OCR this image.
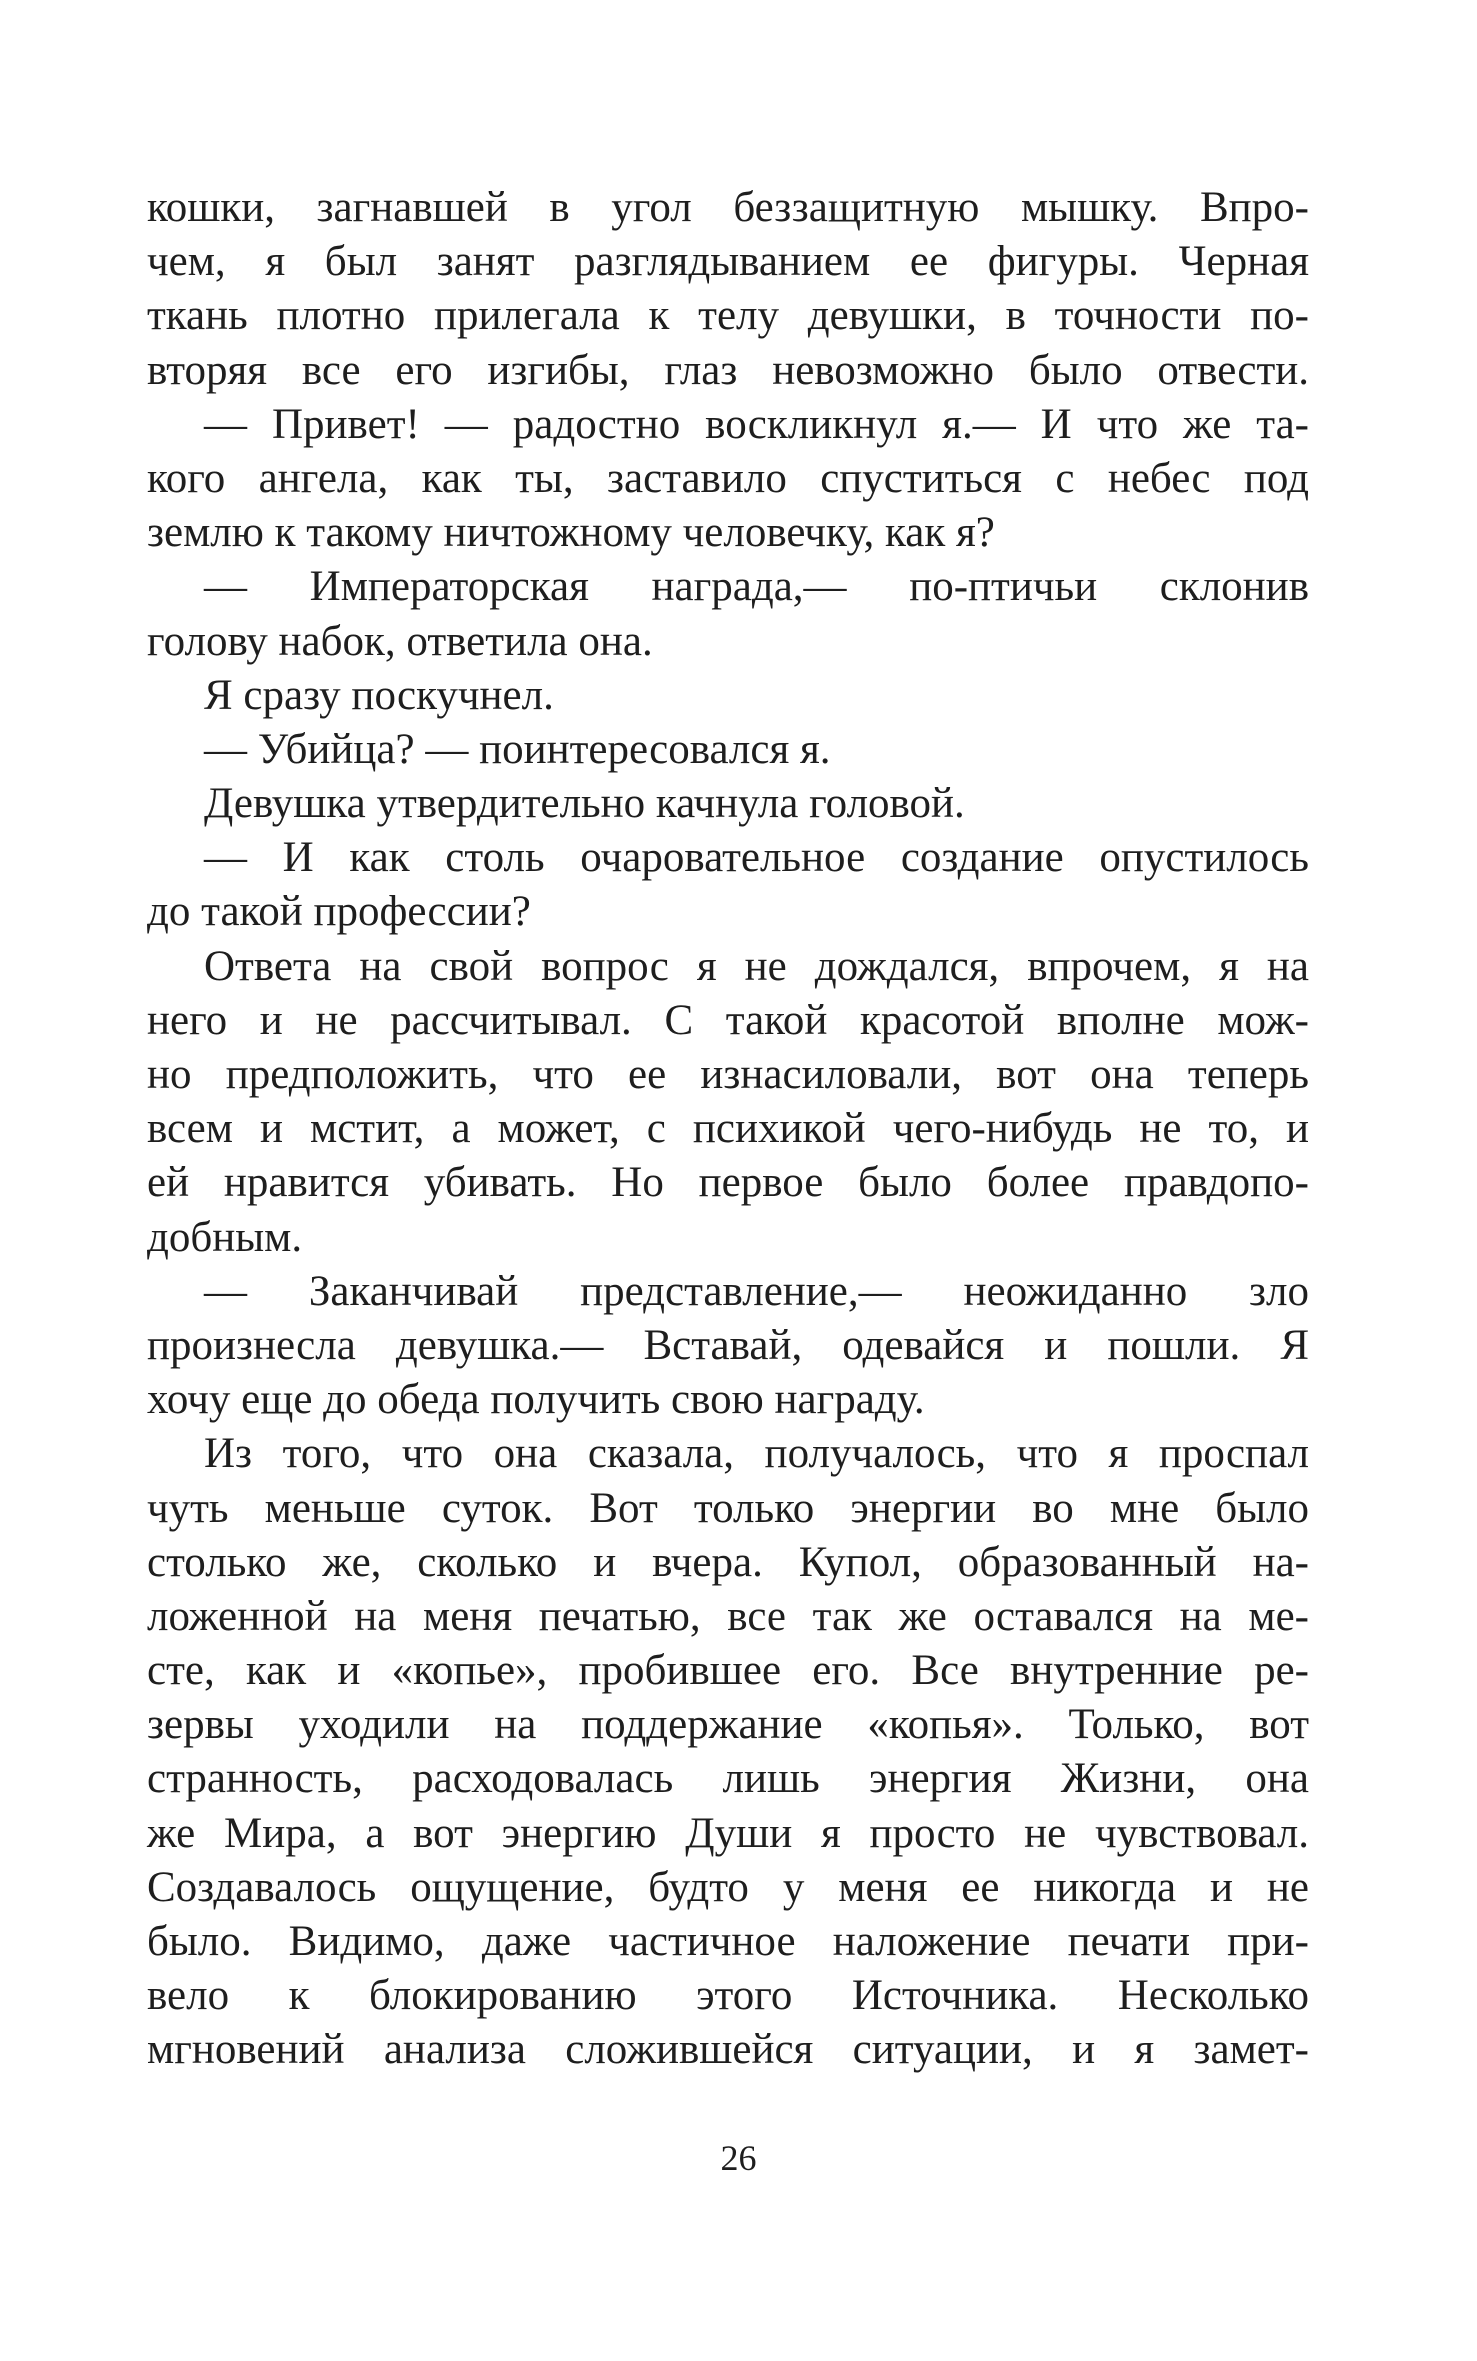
кошки, загнавшей в угол беззащитную мышку. Впро-
чем, я был занят разглядыванием ее фигуры. Черная
ткань плотно прилегала к телу девушки, в точности по-
вторяя все его изгибы, глаз невозможно было отвести.
— Привет! — радостно воскликнул я.— И что же та-
кого ангела, как ты, заставило спуститься с небес под
землю к такому ничтожному человечку, как я?
— Императорская награда,— по-птичьи склонив
голову набок, ответила она.
Я сразу поскучнел.
— Убийца? — поинтересовался я.
Девушка утвердительно качнула головой.
— И как столь очаровательное создание опустилось
до такой профессии?
Ответа на свой вопрос я не дождался, впрочем, я на
него и не рассчитывал. С такой красотой вполне мож-
но предположить, что ее изнасиловали, вот она теперь
всем и мстит, а может, с психикой чего-нибудь не то, и
ей нравится убивать. Но первое было более правдопо-
добным.
— Заканчивай представление,— неожиданно зло
произнесла девушка.— Вставай, одевайся и пошли. Я
хочу еще до обеда получить свою награду.
Из того, что она сказала, получалось, что я проспал
чуть меньше суток. Вот только энергии во мне было
столько же, сколько и вчера. Купол, образованный на-
ложенной на меня печатью, все так же оставался на ме-
сте, как и «копье», пробившее его. Все внутренние ре-
зервы уходили на поддержание «копья». Только, вот
странность, расходовалась лишь энергия Жизни, она
же Мира, а вот энергию Души я просто не чувствовал.
Создавалось ощущение, будто у меня ее никогда и не
было. Видимо, даже частичное наложение печати при-
вело к блокированию этого Источника. Несколько
мгновений анализа сложившейся ситуации, и я замет-
26
